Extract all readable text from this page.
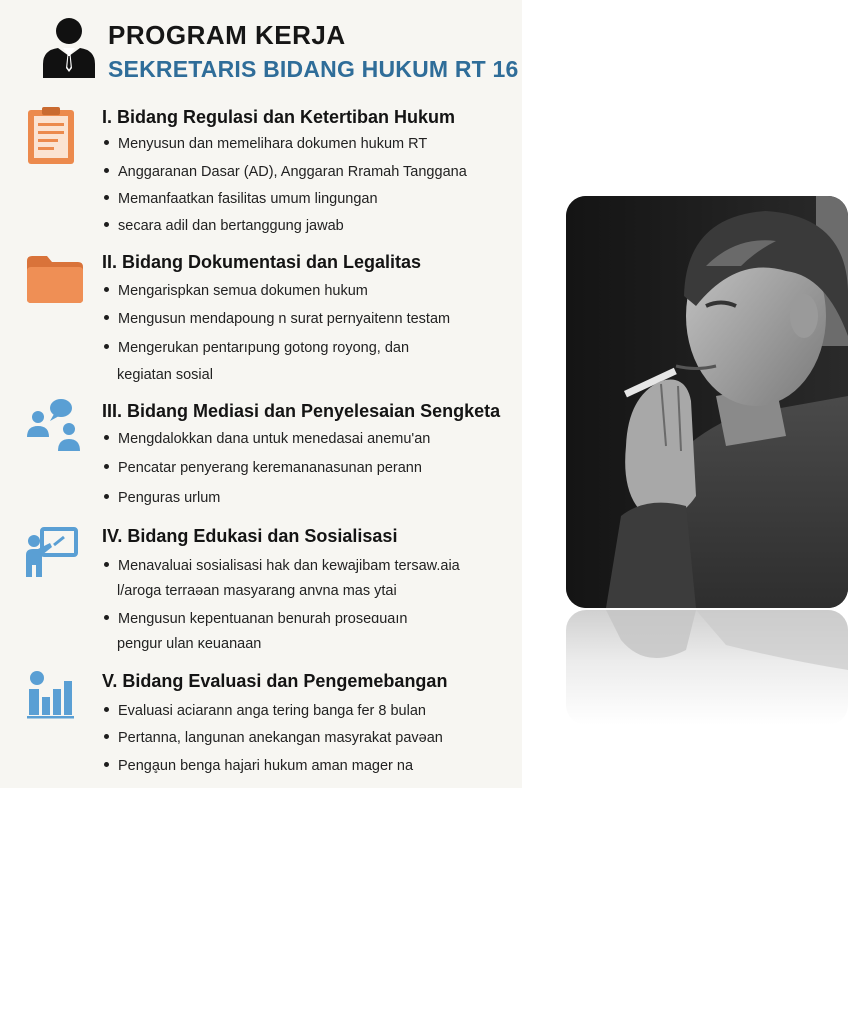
PROGRAM KERJA
SEKRETARIS BIDANG HUKUM RT 16
I. Bidang Regulasi dan Ketertiban Hukum
Menyusun dan memelihara dokumen hukum RT
Anggaranan Dasar (AD), Anggaran Rramah Tanggana
Memanfaatkan fasilitas umum lingungan
secara adil dan bertanggung jawab
II. Bidang Dokumentasi dan Legalitas
Mengarispkan semua dokumen hukum
Mengusun mendapoung n surat pernyaitenn testam
Mengerukan pentarıpung gotong royong, dan
kegiatan sosial
III. Bidang Mediasi dan Penyelesaian Sengketa
Mengdalokkan dana untuk menedasai anemu'an
Pencatar penyerang keremananasunan perann
Penguras urlum
IV. Bidang Edukasi dan Sosialisasi
Menavaluai sosialisasi hak dan kewajibam tersaw.aia
l/aroga terraəan masyarang anvna mas ytai
Mengusun kepentuanan benurah proseɑuaın
pengur ulan ĸeuanaan
V. Bidang Evaluasi dan Pengemebangan
Evaluasi aciarann anga tering banga fer 8 bulan
Pertanna, langunan anekangan masyrakat pavəan
Pengḁun benga hajari hukum aman mager na
